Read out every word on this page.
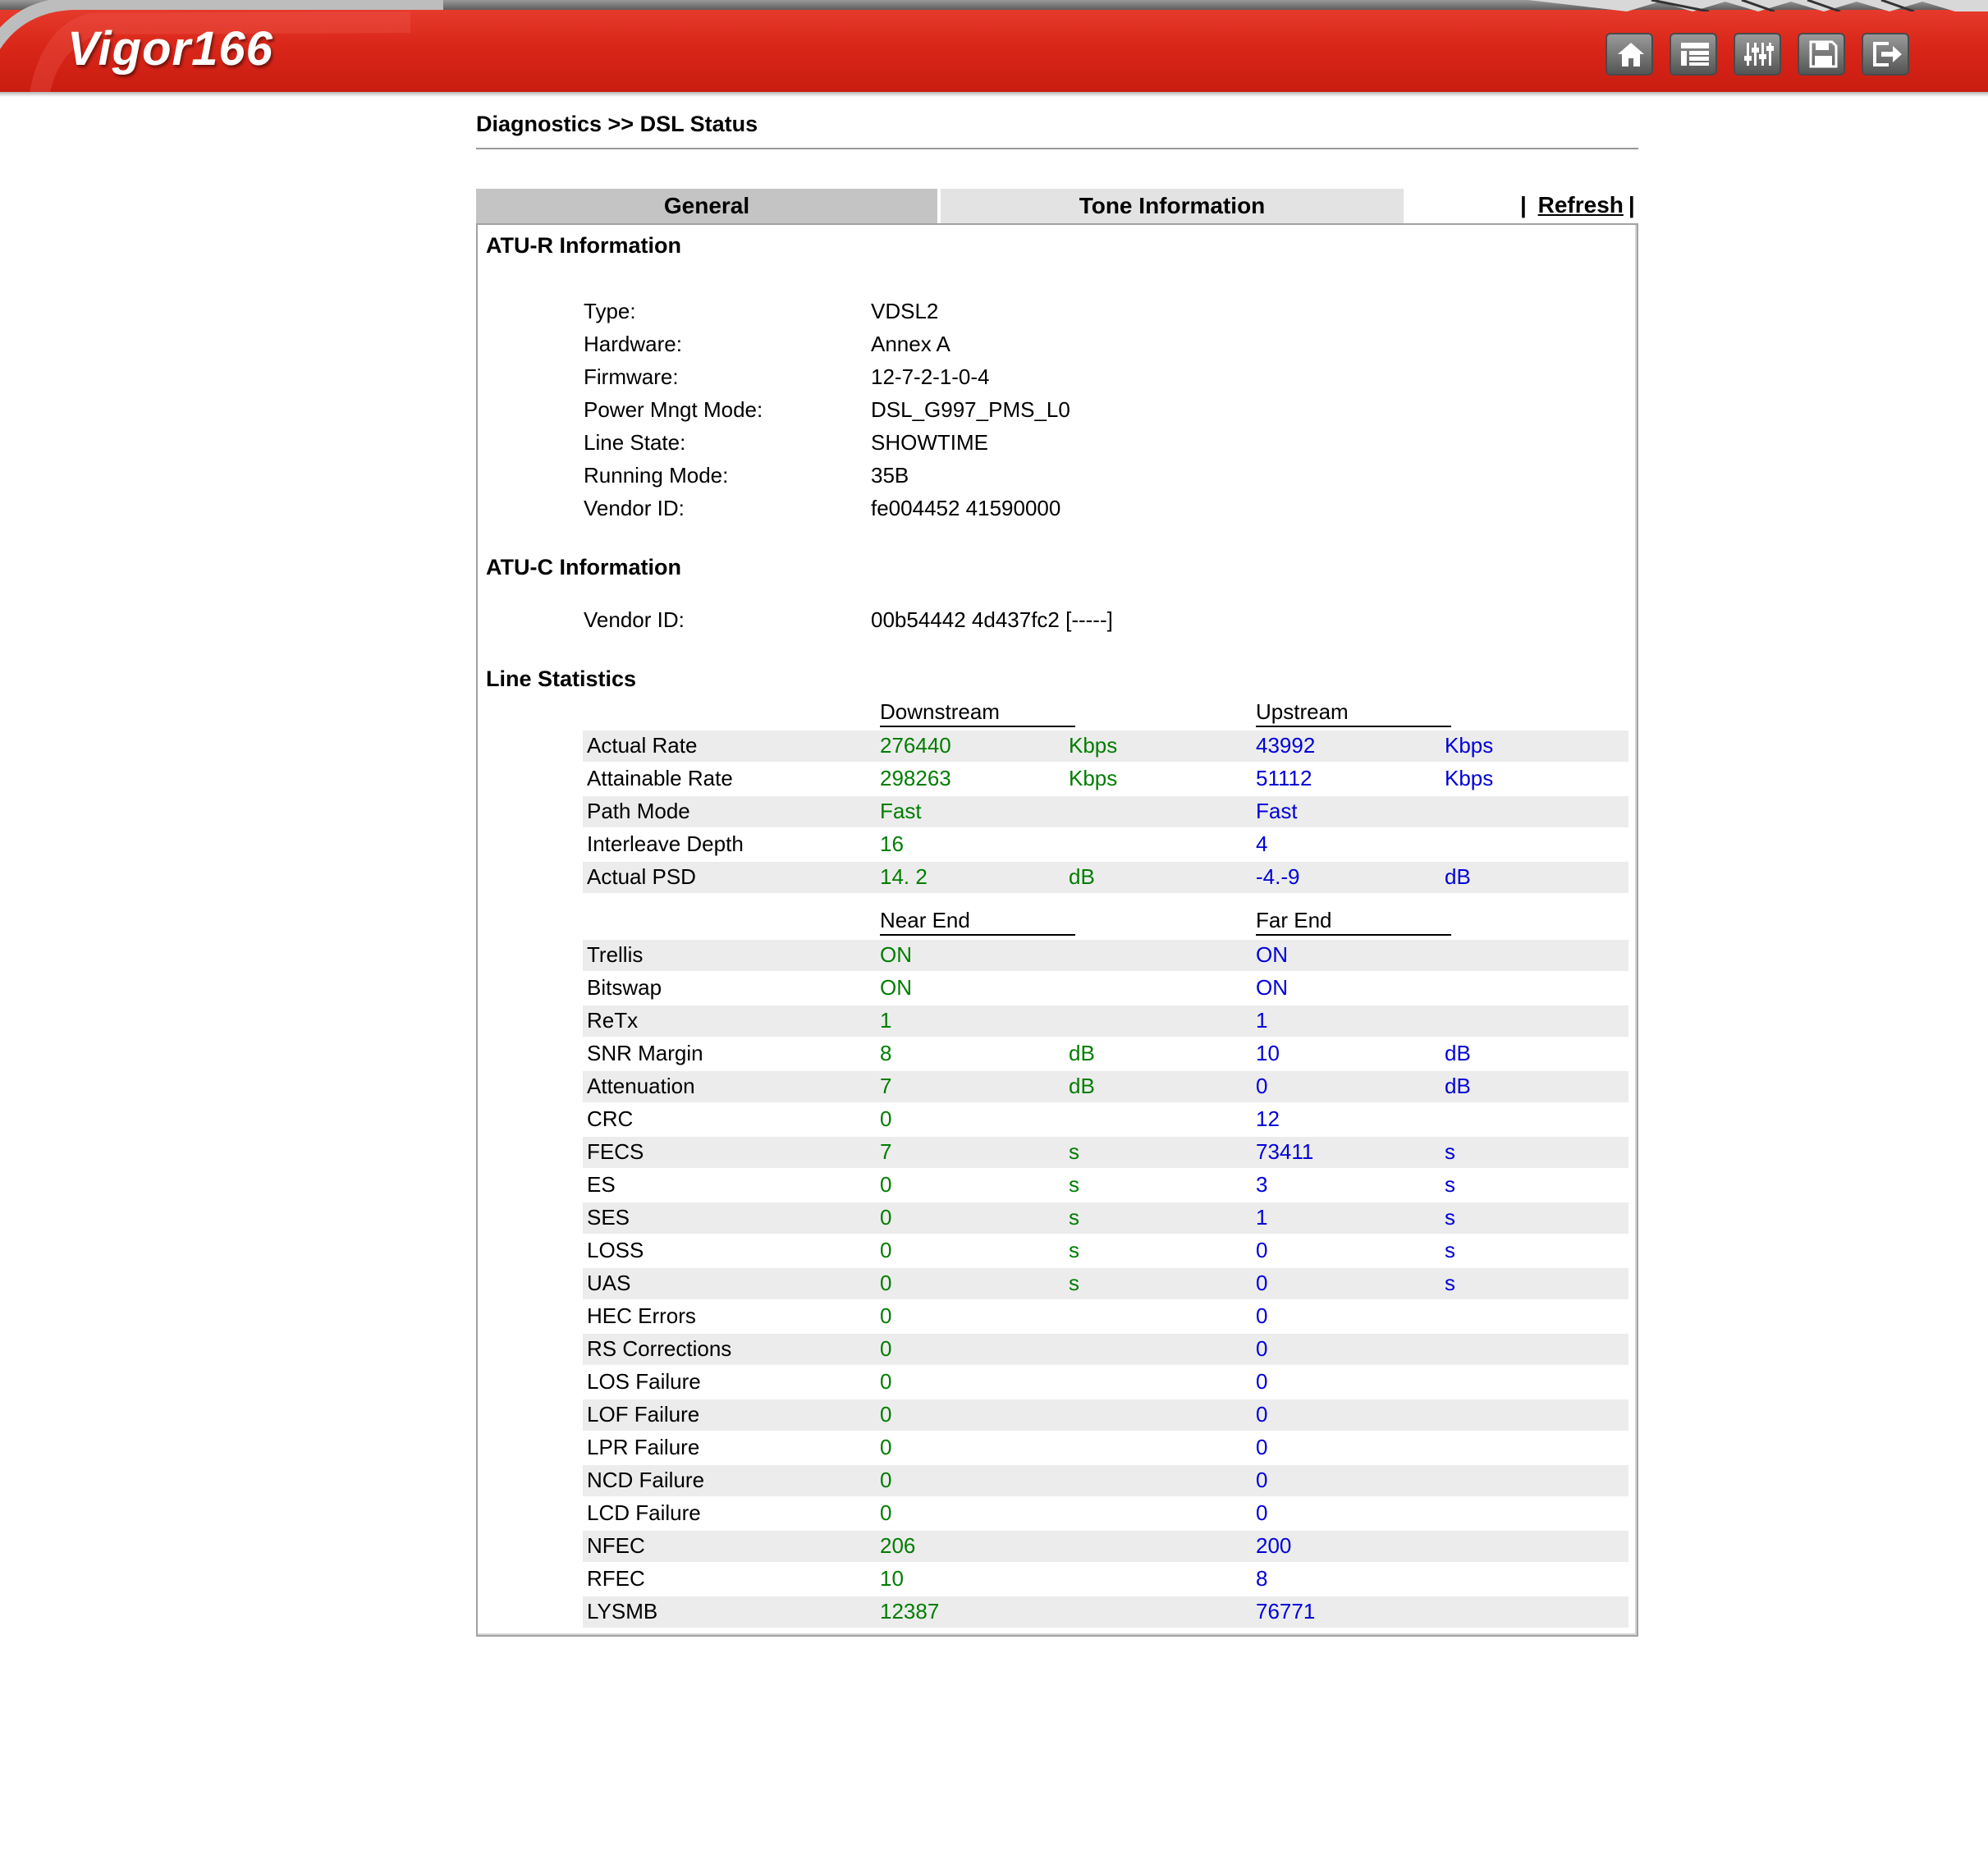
Vigor166
Diagnostics >> DSL Status
General	Tone Information	| Refresh |
ATU-R Information
Type:	VDSL2
Hardware:	Annex A
Firmware:	12-7-2-1-0-4
Power Mngt Mode:	DSL_G997_PMS_L0
Line State:	SHOWTIME
Running Mode:	35B
Vendor ID:	fe004452 41590000
ATU-C Information
Vendor ID:	00b54442 4d437fc2 [-----]
Line Statistics
Downstream	Upstream
Actual Rate	276440	Kbps	43992	Kbps
Attainable Rate	298263	Kbps	51112	Kbps
Path Mode	Fast	Fast
Interleave Depth	16	4
Actual PSD	14. 2	dB	-4.-9	dB
Near End	Far End
Trellis	ON	ON
Bitswap	ON	ON
ReTx	1	1
SNR Margin	8	dB	10	dB
Attenuation	7	dB	0	dB
CRC	0	12
FECS	7	s	73411	s
ES	0	s	3	s
SES	0	s	1	s
LOSS	0	s	0	s
UAS	0	s	0	s
HEC Errors	0	0
RS Corrections	0	0
LOS Failure	0	0
LOF Failure	0	0
LPR Failure	0	0
NCD Failure	0	0
LCD Failure	0	0
NFEC	206	200
RFEC	10	8
LYSMB	12387	76771
